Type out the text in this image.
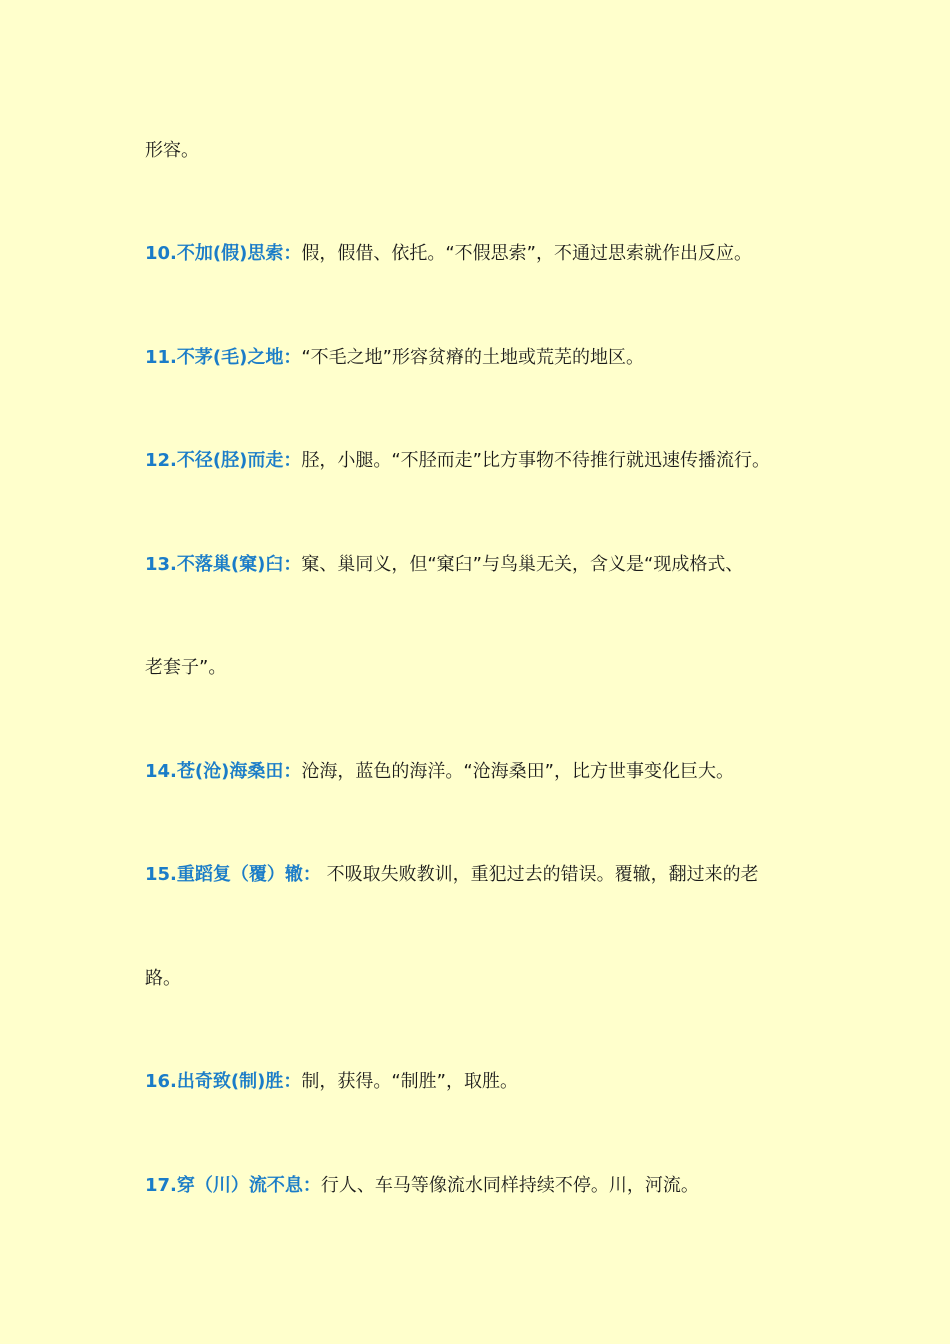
形容。
10.不加(假)思索：假，假借、依托。“不假思索”，不通过思索就作出反应。
11.不茅(毛)之地：“不毛之地”形容贫瘠的土地或荒芜的地区。
12.不径(胫)而走：胫，小腿。“不胫而走”比方事物不待推行就迅速传播流行。
13.不落巢(窠)臼：窠、巢同义，但“窠臼”与鸟巢无关，含义是“现成格式、
老套子”。
14.苍(沧)海桑田：沧海，蓝色的海洋。“沧海桑田”，比方世事变化巨大。
15.重蹈复（覆）辙： 不吸取失败教训，重犯过去的错误。覆辙，翻过来的老
路。
16.出奇致(制)胜：制，获得。“制胜”，取胜。
17.穿（川）流不息：行人、车马等像流水同样持续不停。川，河流。
